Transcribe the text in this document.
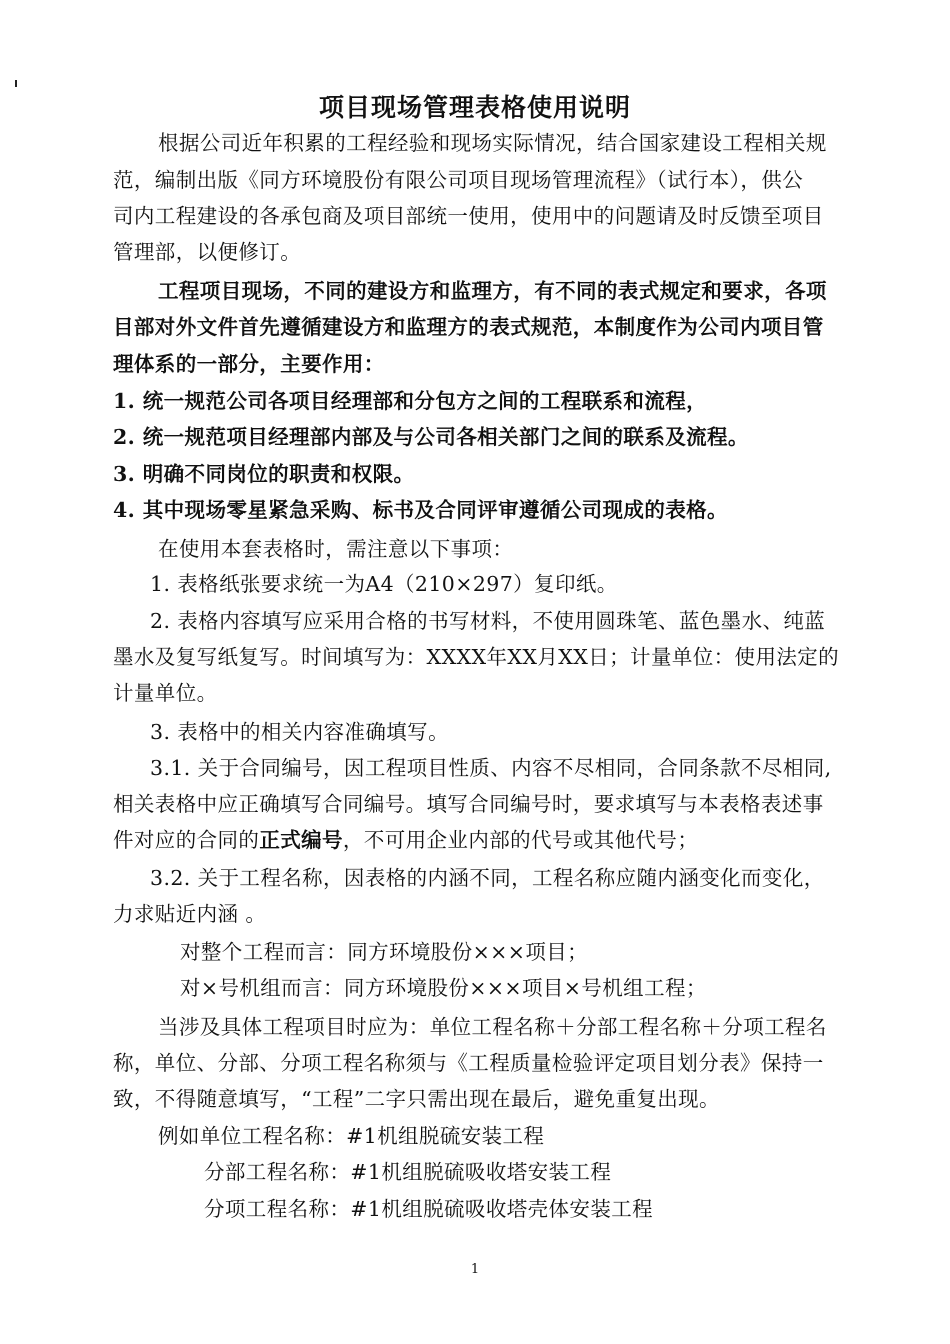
项目现场管理表格使用说明
根据公司近年积累的工程经验和现场实际情况，结合国家建设工程相关规
范，编制出版《同方环境股份有限公司项目现场管理流程》（试行本），供公
司内工程建设的各承包商及项目部统一使用，使用中的问题请及时反馈至项目
管理部，以便修订。
工程项目现场，不同的建设方和监理方，有不同的表式规定和要求，各项
目部对外文件首先遵循建设方和监理方的表式规范，本制度作为公司内项目管
理体系的一部分，主要作用：
1. 统一规范公司各项目经理部和分包方之间的工程联系和流程，
2. 统一规范项目经理部内部及与公司各相关部门之间的联系及流程。
3. 明确不同岗位的职责和权限。
4. 其中现场零星紧急采购、标书及合同评审遵循公司现成的表格。
在使用本套表格时，需注意以下事项：
1. 表格纸张要求统一为A4（210×297）复印纸。
2. 表格内容填写应采用合格的书写材料，不使用圆珠笔、蓝色墨水、纯蓝
墨水及复写纸复写。时间填写为：XXXX年XX月XX日；计量单位：使用法定的
计量单位。
3. 表格中的相关内容准确填写。
3.1. 关于合同编号，因工程项目性质、内容不尽相同，合同条款不尽相同,
相关表格中应正确填写合同编号。填写合同编号时，要求填写与本表格表述事
件对应的合同的正式编号，不可用企业内部的代号或其他代号；
3.2. 关于工程名称，因表格的内涵不同，工程名称应随内涵变化而变化，
力求贴近内涵 。
对整个工程而言：同方环境股份×××项目；
对×号机组而言：同方环境股份×××项目×号机组工程；
当涉及具体工程项目时应为：单位工程名称＋分部工程名称＋分项工程名
称，单位、分部、分项工程名称须与《工程质量检验评定项目划分表》保持一
致，不得随意填写，“工程”二字只需出现在最后，避免重复出现。
例如单位工程名称：#1机组脱硫安装工程
分部工程名称：#1机组脱硫吸收塔安装工程
分项工程名称：#1机组脱硫吸收塔壳体安装工程
1
